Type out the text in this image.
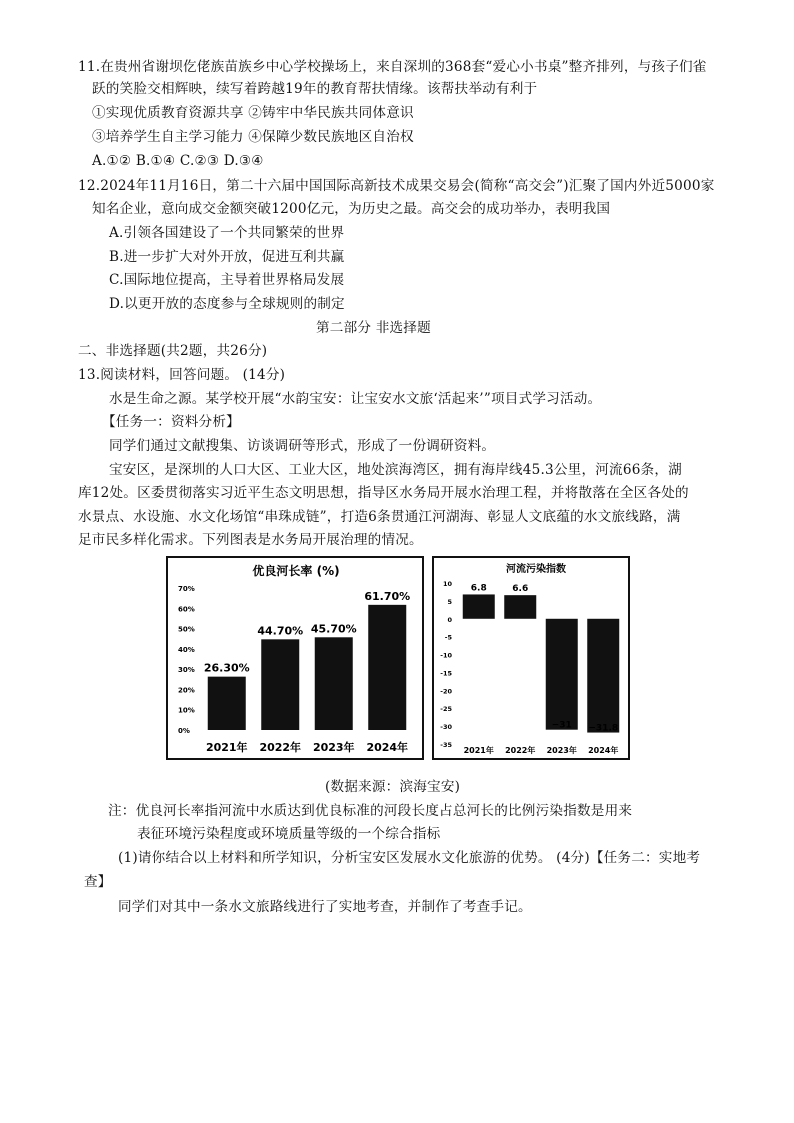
11.在贵州省谢坝仡佬族苗族乡中心学校操场上，来自深圳的368套“爱心小书桌”整齐排列，与孩子们雀
跃的笑脸交相辉映，续写着跨越19年的教育帮扶情缘。该帮扶举动有利于
①实现优质教育资源共享 ②铸牢中华民族共同体意识
③培养学生自主学习能力 ④保障少数民族地区自治权
A.①② B.①④ C.②③ D.③④
12.2024年11月16日，第二十六届中国国际高新技术成果交易会(简称“高交会”)汇聚了国内外近5000家
知名企业，意向成交金额突破1200亿元，为历史之最。高交会的成功举办，表明我国
A.引领各国建设了一个共同繁荣的世界
B.进一步扩大对外开放，促进互利共赢
C.国际地位提高，主导着世界格局发展
D.以更开放的态度参与全球规则的制定
第二部分 非选择题
二、非选择题(共2题，共26分)
13.阅读材料，回答问题。 (14分)
水是生命之源。某学校开展“水韵宝安：让宝安水文旅‘活起来’”项目式学习活动。
【任务一：资料分析】
同学们通过文献搜集、访谈调研等形式，形成了一份调研资料。
宝安区，是深圳的人口大区、工业大区，地处滨海湾区，拥有海岸线45.3公里，河流66条，湖
库12处。区委贯彻落实习近平生态文明思想，指导区水务局开展水治理工程，并将散落在全区各处的
水景点、水设施、水文化场馆“串珠成链”，打造6条贯通江河湖海、彰显人文底蕴的水文旅线路，满
足市民多样化需求。下列图表是水务局开展治理的情况。
优良河长率 (%)
0%
10%
20%
30%
40%
50%
60%
70%
26.30%
2021年
44.70%
2022年
45.70%
2023年
61.70%
2024年
河流污染指数
10
5
0
-5
-10
-15
-20
-25
-30
-35
6.8
2021年
6.6
2022年
−31
2023年
−31.8
2024年
(数据来源：滨海宝安)
注：优良河长率指河流中水质达到优良标准的河段长度占总河长的比例污染指数是用来
表征环境污染程度或环境质量等级的一个综合指标
(1)请你结合以上材料和所学知识，分析宝安区发展水文化旅游的优势。 (4分)【任务二：实地考
查】
同学们对其中一条水文旅路线进行了实地考查，并制作了考查手记。
